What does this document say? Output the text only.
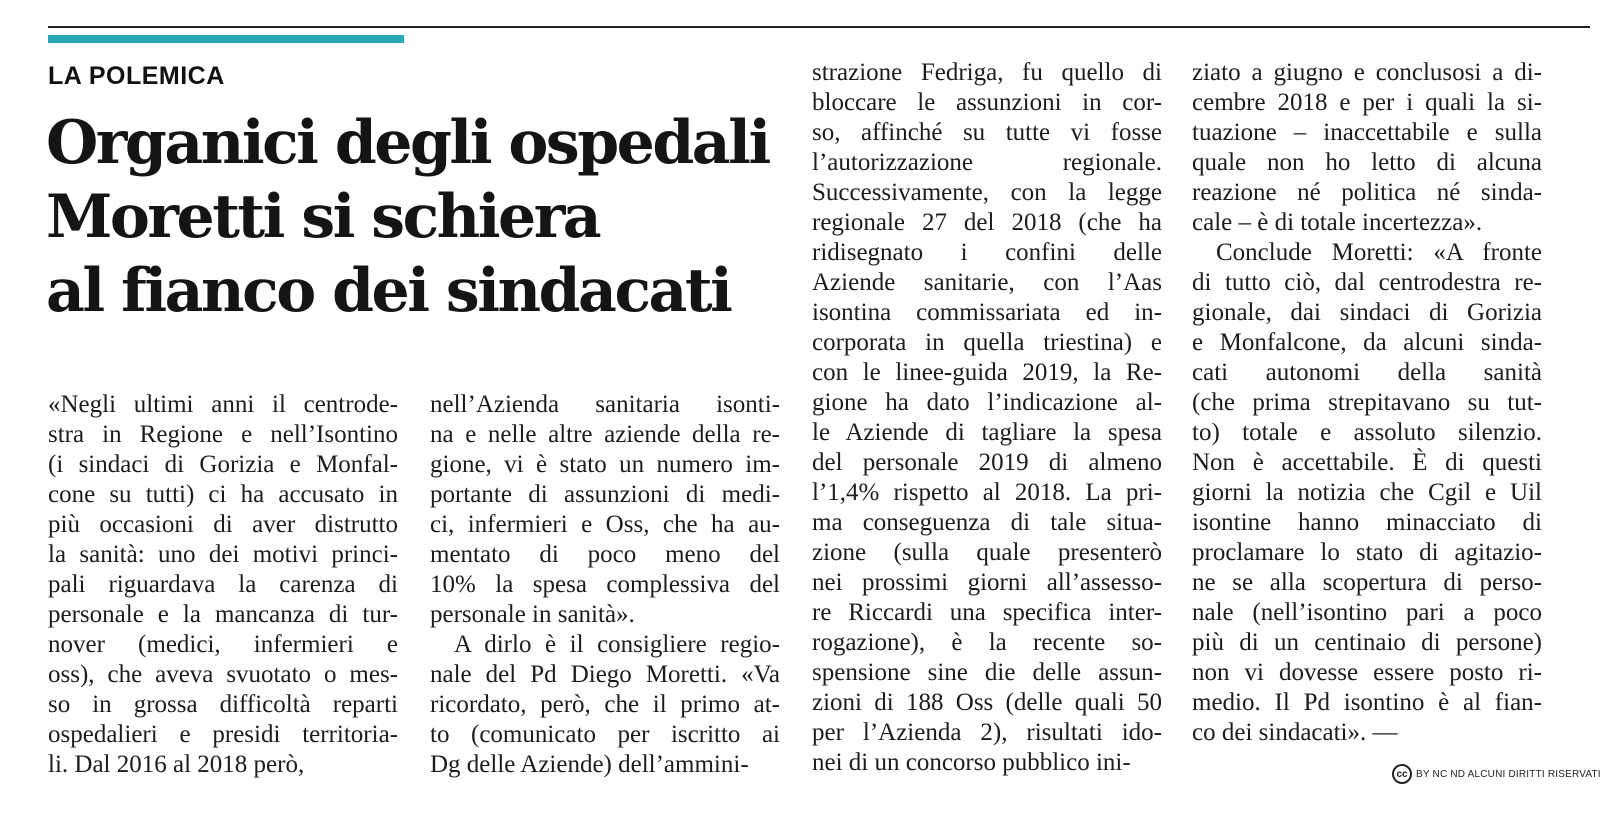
LA POLEMICA
Organici degli ospedali
Moretti si schiera
al fianco dei sindacati
«Negli ultimi anni il centrode-
stra in Regione e nell’Isontino
(i sindaci di Gorizia e Monfal-
cone su tutti) ci ha accusato in
più occasioni di aver distrutto
la sanità: uno dei motivi princi-
pali riguardava la carenza di
personale e la mancanza di tur-
nover (medici, infermieri e
oss), che aveva svuotato o mes-
so in grossa difficoltà reparti
ospedalieri e presidi territoria-
li. Dal 2016 al 2018 però,
nell’Azienda sanitaria isonti-
na e nelle altre aziende della re-
gione, vi è stato un numero im-
portante di assunzioni di medi-
ci, infermieri e Oss, che ha au-
mentato di poco meno del
10% la spesa complessiva del
personale in sanità».
A dirlo è il consigliere regio-
nale del Pd Diego Moretti. «Va
ricordato, però, che il primo at-
to (comunicato per iscritto ai
Dg delle Aziende) dell’ammini-
strazione Fedriga, fu quello di
bloccare le assunzioni in cor-
so, affinché su tutte vi fosse
l’autorizzazione regionale.
Successivamente, con la legge
regionale 27 del 2018 (che ha
ridisegnato i confini delle
Aziende sanitarie, con l’Aas
isontina commissariata ed in-
corporata in quella triestina) e
con le linee-guida 2019, la Re-
gione ha dato l’indicazione al-
le Aziende di tagliare la spesa
del personale 2019 di almeno
l’1,4% rispetto al 2018. La pri-
ma conseguenza di tale situa-
zione (sulla quale presenterò
nei prossimi giorni all’assesso-
re Riccardi una specifica inter-
rogazione), è la recente so-
spensione sine die delle assun-
zioni di 188 Oss (delle quali 50
per l’Azienda 2), risultati ido-
nei di un concorso pubblico ini-
ziato a giugno e conclusosi a di-
cembre 2018 e per i quali la si-
tuazione – inaccettabile e sulla
quale non ho letto di alcuna
reazione né politica né sinda-
cale – è di totale incertezza».
Conclude Moretti: «A fronte
di tutto ciò, dal centrodestra re-
gionale, dai sindaci di Gorizia
e Monfalcone, da alcuni sinda-
cati autonomi della sanità
(che prima strepitavano su tut-
to) totale e assoluto silenzio.
Non è accettabile. È di questi
giorni la notizia che Cgil e Uil
isontine hanno minacciato di
proclamare lo stato di agitazio-
ne se alla scopertura di perso-
nale (nell’isontino pari a poco
più di un centinaio di persone)
non vi dovesse essere posto ri-
medio. Il Pd isontino è al fian-
co dei sindacati». —
cc BY NC ND ALCUNI DIRITTI RISERVATI
